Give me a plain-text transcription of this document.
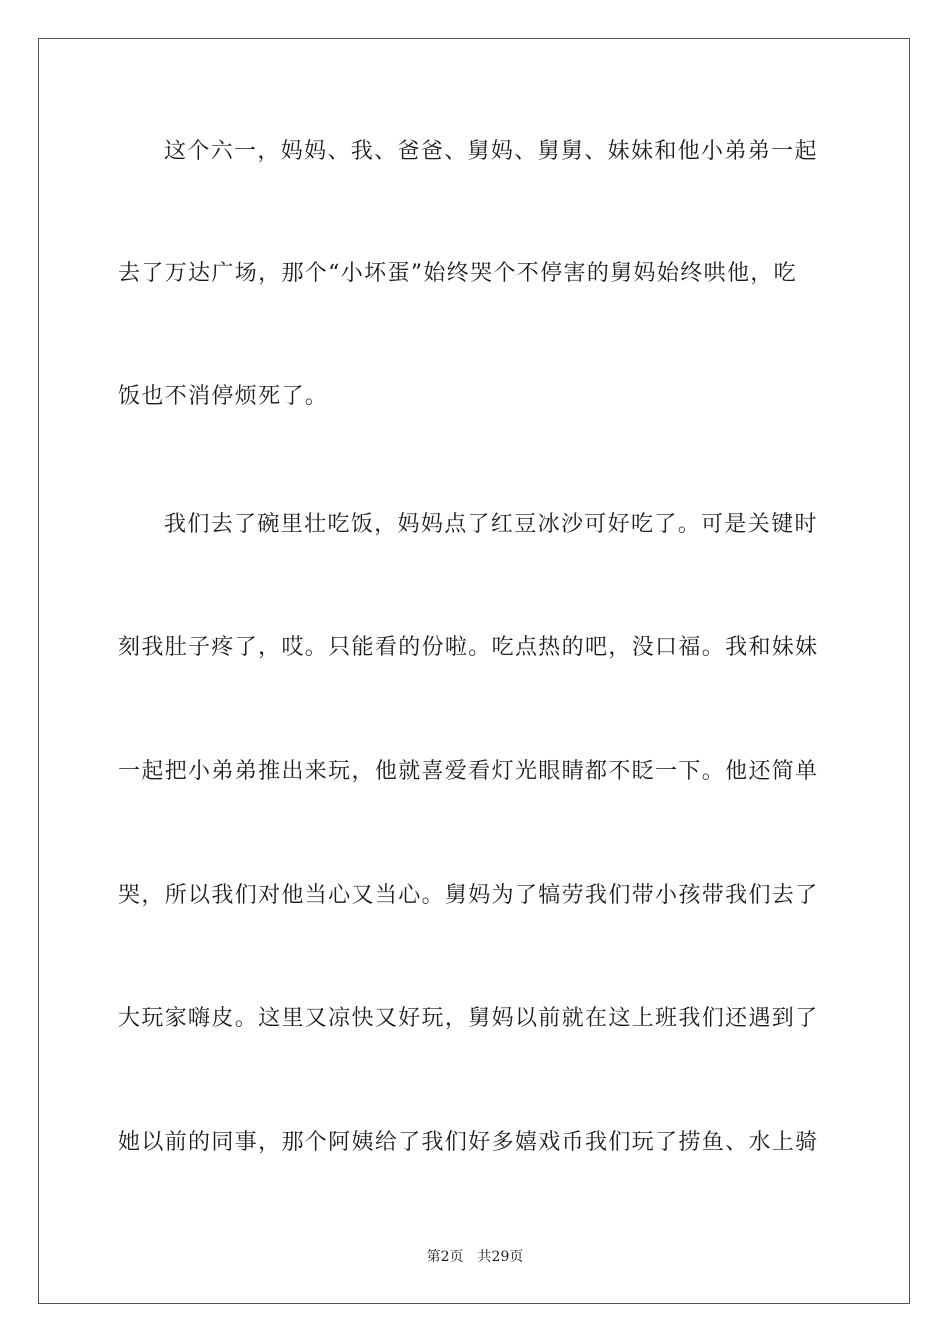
这个六一，妈妈、我、爸爸、舅妈、舅舅、妹妹和他小弟弟一起
去了万达广场，那个“小坏蛋”始终哭个不停害的舅妈始终哄他，吃
饭也不消停烦死了。
我们去了碗里壮吃饭，妈妈点了红豆冰沙可好吃了。可是关键时
刻我肚子疼了，哎。只能看的份啦。吃点热的吧，没口福。我和妹妹
一起把小弟弟推出来玩，他就喜爱看灯光眼睛都不眨一下。他还简单
哭，所以我们对他当心又当心。舅妈为了犒劳我们带小孩带我们去了
大玩家嗨皮。这里又凉快又好玩，舅妈以前就在这上班我们还遇到了
她以前的同事，那个阿姨给了我们好多嬉戏币我们玩了捞鱼、水上骑
第2页 共29页
